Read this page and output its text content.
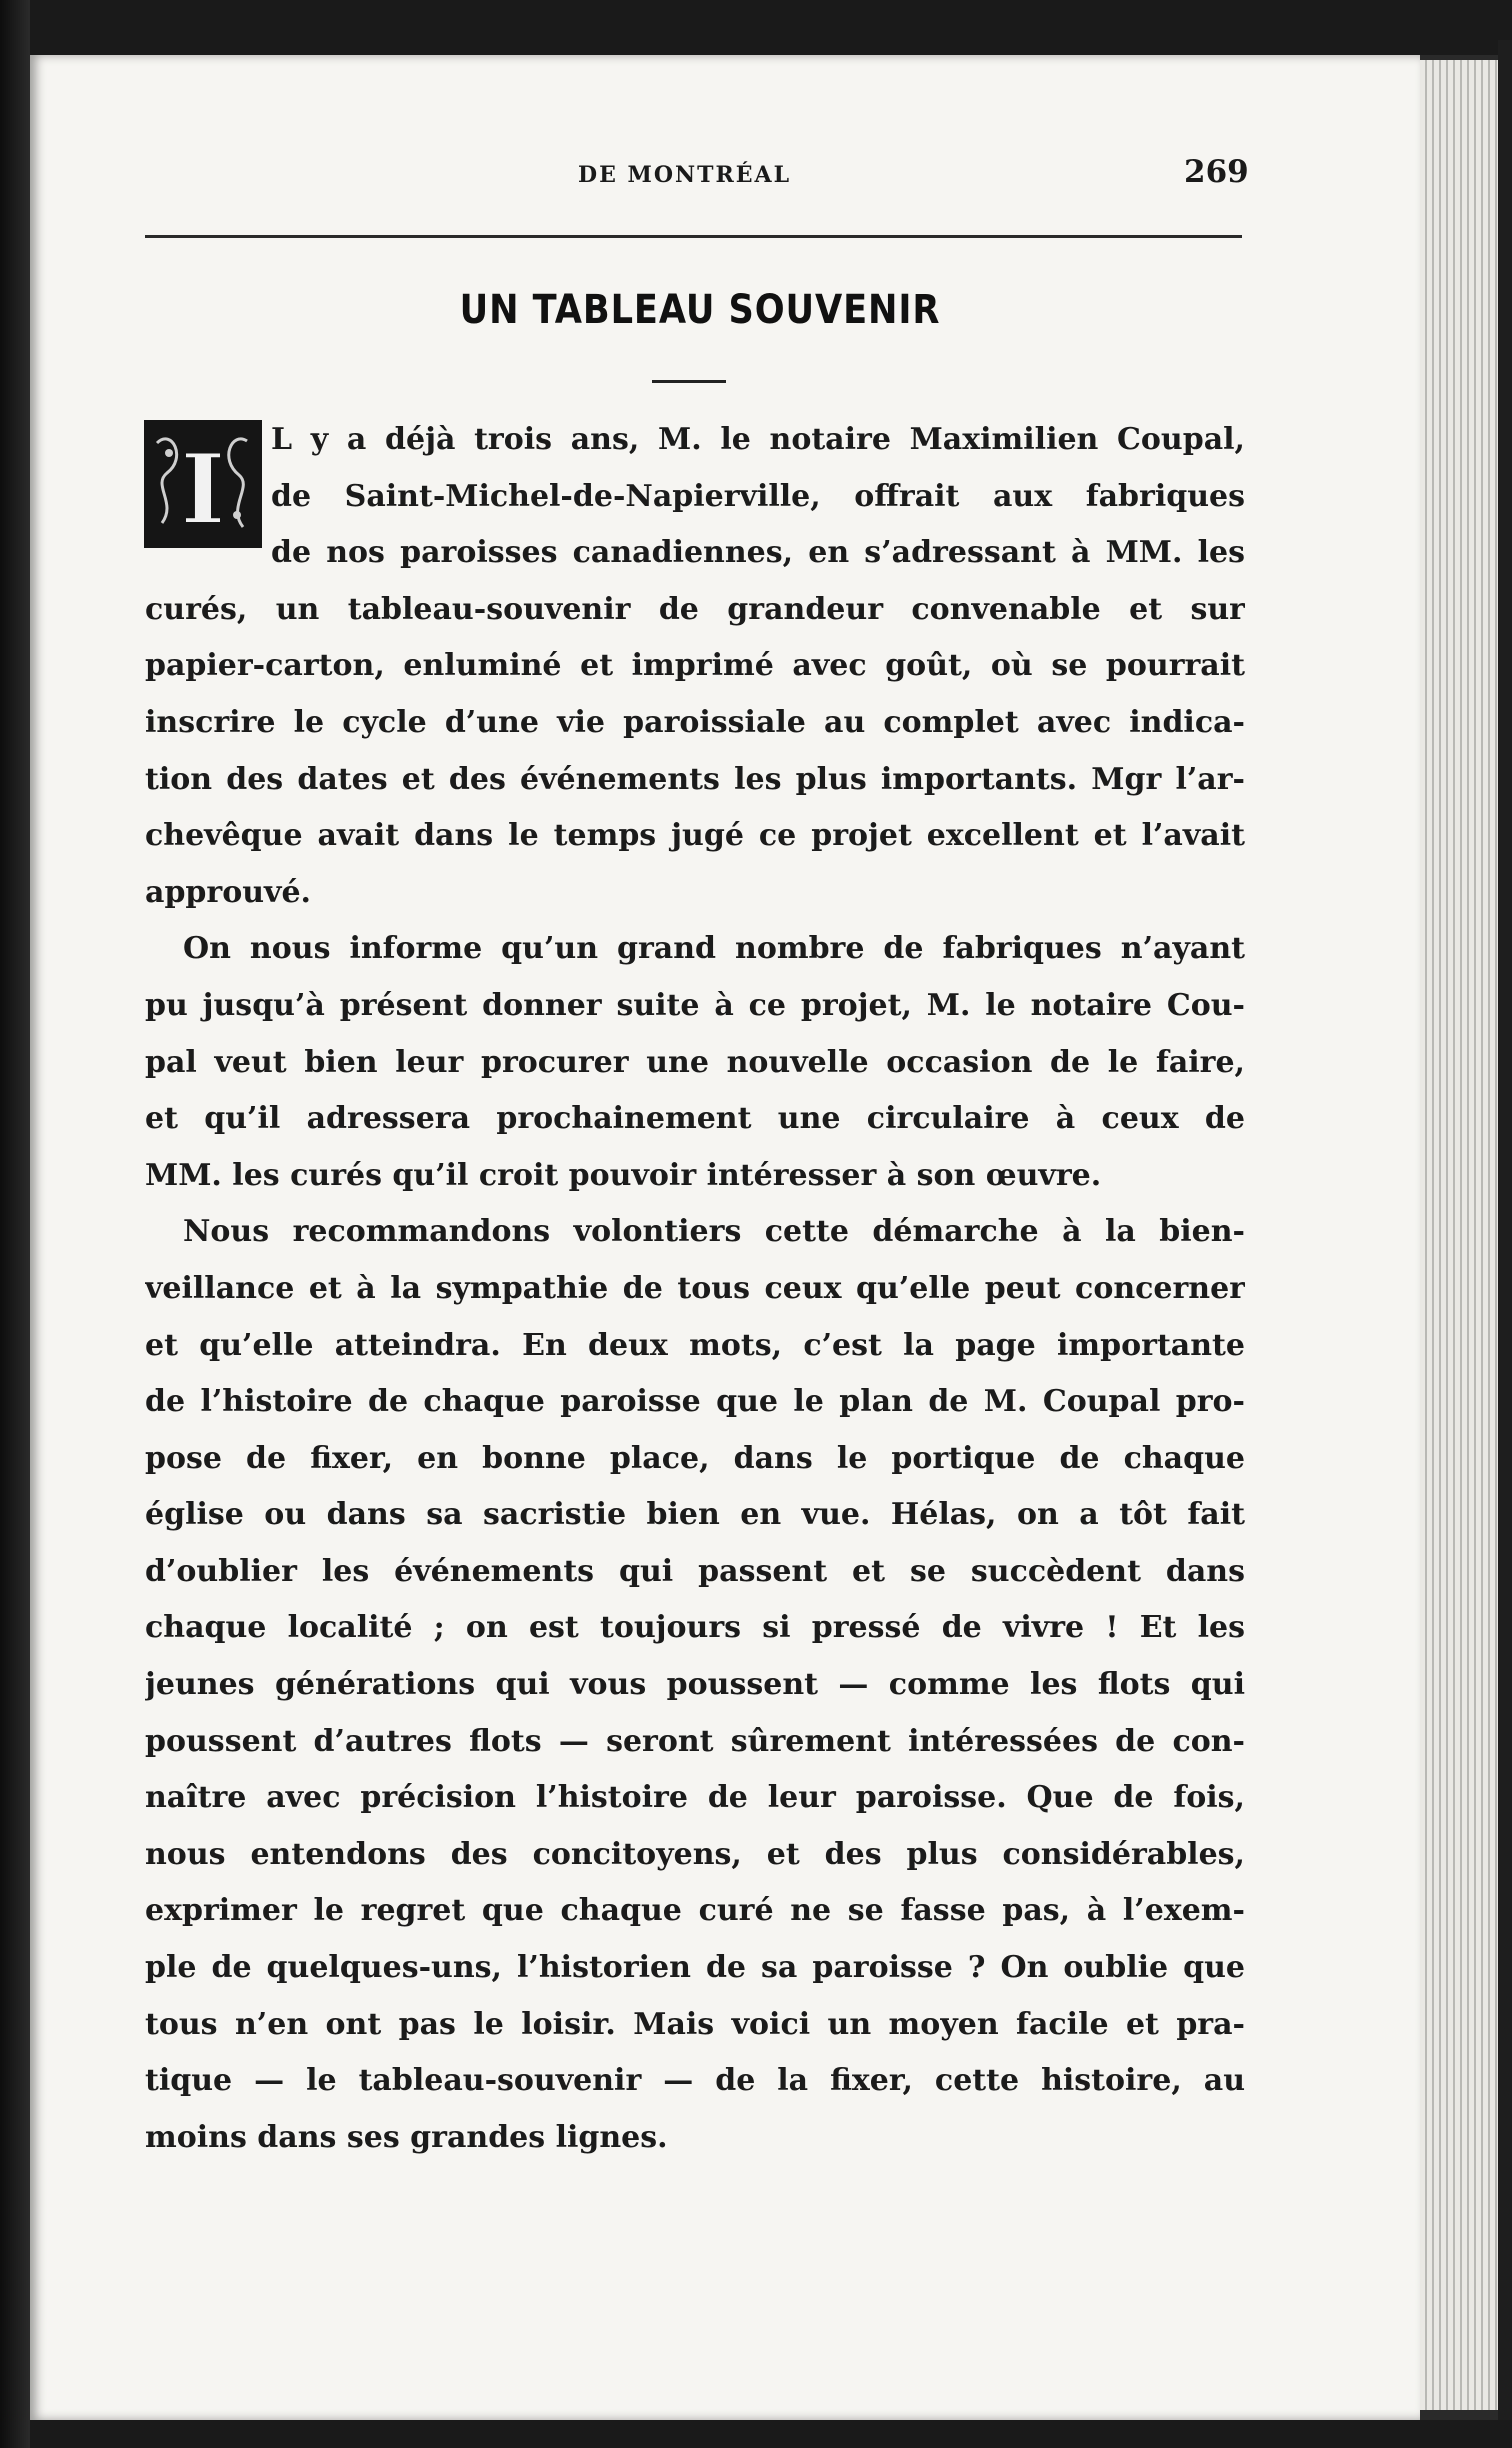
DE MONTRÉAL	269
UN TABLEAU SOUVENIR
I	L y a déjà trois ans, M. le notaire Maximilien Coupal,
de Saint-Michel-de-Napierville, offrait aux fabriques
de nos paroisses canadiennes, en s’adressant à MM. les
curés, un tableau-souvenir de grandeur convenable et sur
papier-carton, enluminé et imprimé avec goût, où se pourrait
inscrire le cycle d’une vie paroissiale au complet avec indica-
tion des dates et des événements les plus importants. Mgr l’ar-
chevêque avait dans le temps jugé ce projet excellent et l’avait
approuvé.
On nous informe qu’un grand nombre de fabriques n’ayant
pu jusqu’à présent donner suite à ce projet, M. le notaire Cou-
pal veut bien leur procurer une nouvelle occasion de le faire,
et qu’il adressera prochainement une circulaire à ceux de
MM. les curés qu’il croit pouvoir intéresser à son œuvre.
Nous recommandons volontiers cette démarche à la bien-
veillance et à la sympathie de tous ceux qu’elle peut concerner
et qu’elle atteindra. En deux mots, c’est la page importante
de l’histoire de chaque paroisse que le plan de M. Coupal pro-
pose de fixer, en bonne place, dans le portique de chaque
église ou dans sa sacristie bien en vue. Hélas, on a tôt fait
d’oublier les événements qui passent et se succèdent dans
chaque localité ; on est toujours si pressé de vivre ! Et les
jeunes générations qui vous poussent — comme les flots qui
poussent d’autres flots — seront sûrement intéressées de con-
naître avec précision l’histoire de leur paroisse. Que de fois,
nous entendons des concitoyens, et des plus considérables,
exprimer le regret que chaque curé ne se fasse pas, à l’exem-
ple de quelques-uns, l’historien de sa paroisse ? On oublie que
tous n’en ont pas le loisir. Mais voici un moyen facile et pra-
tique — le tableau-souvenir — de la fixer, cette histoire, au
moins dans ses grandes lignes.
